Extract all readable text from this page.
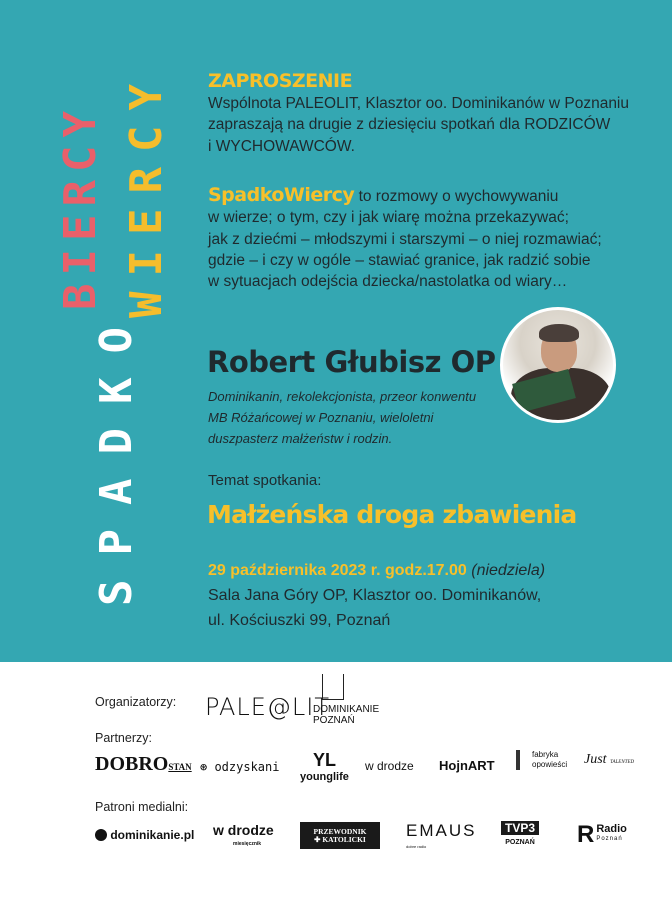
BIERCY
SPADKO
WIERCY ZAPROSZENIE
Wspólnota PALEOLIT, Klasztor oo. Dominikanów w Poznaniu
zapraszają na drugie z dziesięciu spotkań dla RODZICÓW
i WYCHOWAWCÓW.
SpadkoWiercy to rozmowy o wychowywaniu
w wierze; o tym, czy i jak wiarę można przekazywać;
jak z dziećmi – młodszymi i starszymi – o niej rozmawiać;
gdzie – i czy w ogóle – stawiać granice, jak radzić sobie
w sytuacjach odejścia dziecka/nastolatka od wiary…
Robert Głubisz OP
Dominikanin, rekolekcjonista, przeor konwentu
MB Różańcowej w Poznaniu, wieloletni
duszpasterz małżeństw i rodzin.
Temat spotkania:
Małżeńska droga zbawienia
29 października 2023 r. godz.17.00 (niedziela)
Sala Jana Góry OP, Klasztor oo. Dominikanów,
ul. Kościuszki 99, Poznań
Organizatorzy: PALE@LIT
DOMINIKANIE
POZNAŃ
Partnerzy:
DOBROSTAN ⊛ odzyskani	YL
younglife
w drodze HojnART
fabryka
opowieści Just TALENTED
Patroni medialni:
dominikanie.pl w drodze
miesięcznik
PRZEWODNIK
✚ KATOLICKI	EMAUS
dobre radio
TVP3
POZNAŃ R Radio
Poznań
